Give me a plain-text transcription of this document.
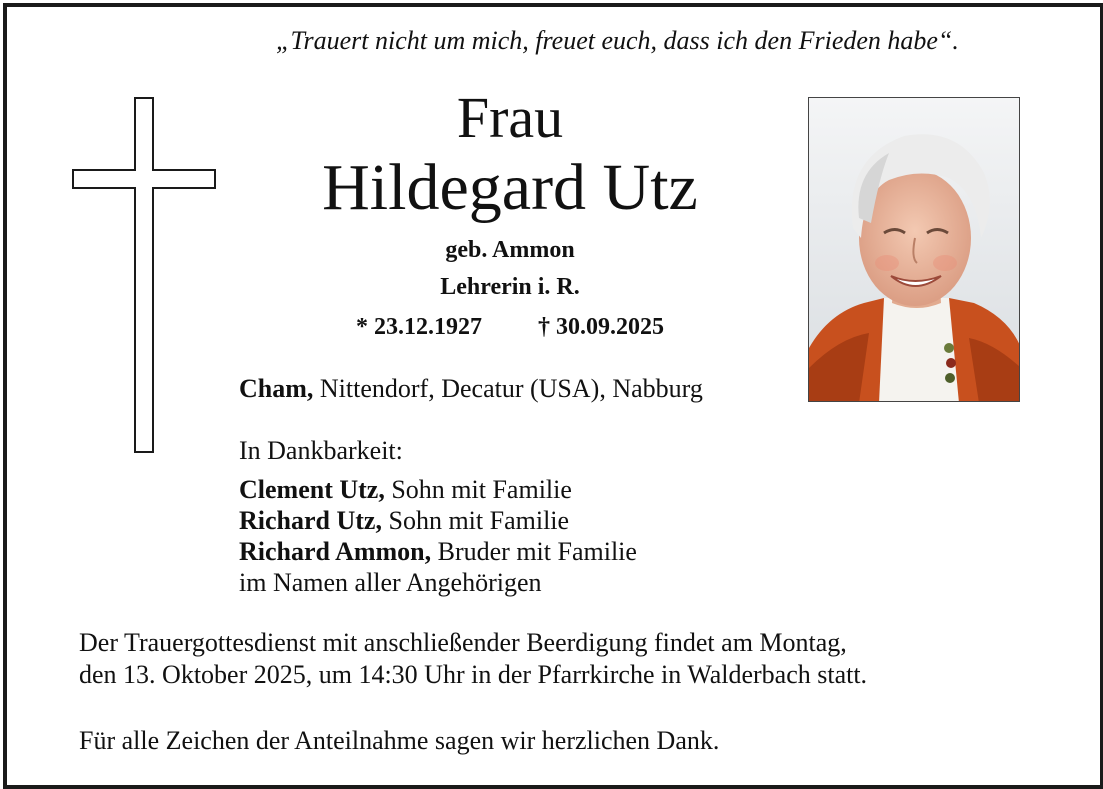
„Trauert nicht um mich, freuet euch, dass ich den Frieden habe“.
Frau
Hildegard Utz
geb. Ammon
Lehrerin i. R.
* 23.12.1927 † 30.09.2025
Cham, Nittendorf, Decatur (USA), Nabburg
In Dankbarkeit:
Clement Utz, Sohn mit Familie
Richard Utz, Sohn mit Familie
Richard Ammon, Bruder mit Familie
im Namen aller Angehörigen
Der Trauergottesdienst mit anschließender Beerdigung findet am Montag,
den 13. Oktober 2025, um 14:30 Uhr in der Pfarrkirche in Walderbach statt.
Für alle Zeichen der Anteilnahme sagen wir herzlichen Dank.
